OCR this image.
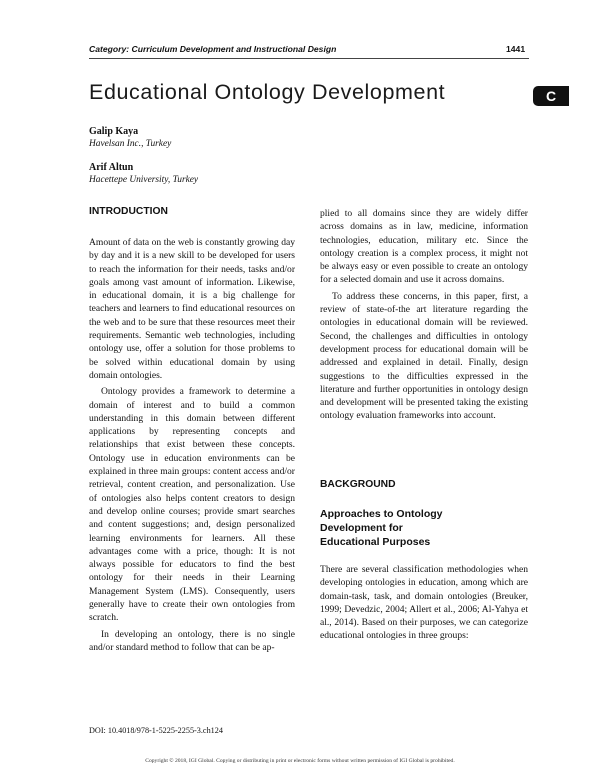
Category: Curriculum Development and Instructional Design	1441
Educational Ontology Development	C
Galip Kaya
Havelsan Inc., Turkey
Arif Altun
Hacettepe University, Turkey
INTRODUCTION

Amount of data on the web is constantly growing day by day and it is a new skill to be developed for users to reach the information for their needs, tasks and/or goals among vast amount of information. Likewise, in educational domain, it is a big challenge for teachers and learners to find educational resources on the web and to be sure that these resources meet their requirements. Semantic web technologies, including ontology use, offer a solution for those problems to be solved within educational domain by using domain ontologies.

Ontology provides a framework to determine a domain of interest and to build a common understanding in this domain between different applications by representing concepts and relationships that exist between these concepts. Ontology use in education environments can be explained in three main groups: content access and/or retrieval, content creation, and personalization. Use of ontologies also helps content creators to design and develop online courses; provide smart searches and content suggestions; and, design personalized learning environments for learners. All these advantages come with a price, though: It is not always possible for educators to find the best ontology for their needs in their Learning Management System (LMS). Consequently, users generally have to create their own ontologies from scratch.

In developing an ontology, there is no single and/or standard method to follow that can be ap-

plied to all domains since they are widely differ across domains as in law, medicine, information technologies, education, military etc. Since the ontology creation is a complex process, it might not be always easy or even possible to create an ontology for a selected domain and use it across domains.

To address these concerns, in this paper, first, a review of state-of-the art literature regarding the ontologies in educational domain will be reviewed. Second, the challenges and difficulties in ontology development process for educational domain will be addressed and explained in detail. Finally, design suggestions to the difficulties expressed in the literature and further opportunities in ontology design and development will be presented taking the existing ontology evaluation frameworks into account.

BACKGROUND
Approaches to Ontology Development for Educational Purposes

There are several classification methodologies when developing ontologies in education, among which are domain-task, task, and domain ontologies (Breuker, 1999; Devedzic, 2004; Allert et al., 2006; Al-Yahya et al., 2014). Based on their purposes, we can categorize educational ontologies in three groups:

DOI: 10.4018/978-1-5225-2255-3.ch124
Copyright © 2018, IGI Global. Copying or distributing in print or electronic forms without written permission of IGI Global is prohibited.
